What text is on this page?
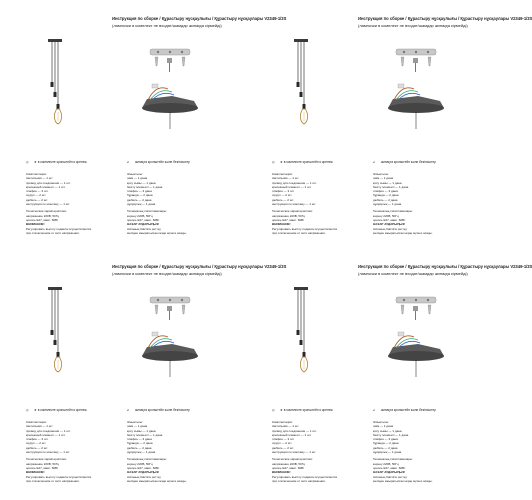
Инструкция по сборке / Құрастыру нұсқаулығы / Құрастыру нұсқаулары V2349-1/3S
(лампочки в комплект не входят/шамдар жинаққа кірмейді)
◎ ★ в комплекте кронштейн и крепеж	⌀ жинақта кронштейн және бекіткіштер
Комплектация:
светильник — 1 шт.
провод для соединения — 1 шт.
крепежный элемент — 1 шт.
плафон — 3 шт.
шуруп — 2 шт.
дюбель — 2 шт.
инструкция по монтажу — 1 шт.
Технические характеристики:
напряжение 220В, 50Гц
цоколь E27, макс. 60Вт
ВНИМАНИЕ!
Регулировать высоту подвеса осуществляется
при отключенном от сети напряжения.
Жиынтығы:
шам — 1 дана
қосу сымы — 1 дана
бекіту элементі — 1 дана
плафон — 3 дана
бұранда — 2 дана
дюбель — 2 дана
нұсқаулық — 1 дана
Техникалық сипаттамалары:
кернеу 220В, 50Гц
цоколь E27, макс. 60Вт
НАЗАР АУДАРЫҢЫЗ!
Аспаның биіктігін реттеу
желіден ажыратылған кезде жүзеге асады.
Инструкция по сборке / Құрастыру нұсқаулығы / Құрастыру нұсқаулары V2349-1/3S
(лампочки в комплект не входят/шамдар жинаққа кірмейді)
◎ ★ в комплекте кронштейн и крепеж	⌀ жинақта кронштейн және бекіткіштер
Комплектация:
светильник — 1 шт.
провод для соединения — 1 шт.
крепежный элемент — 1 шт.
плафон — 3 шт.
шуруп — 2 шт.
дюбель — 2 шт.
инструкция по монтажу — 1 шт.
Технические характеристики:
напряжение 220В, 50Гц
цоколь E27, макс. 60Вт
ВНИМАНИЕ!
Регулировать высоту подвеса осуществляется
при отключенном от сети напряжения.
Жиынтығы:
шам — 1 дана
қосу сымы — 1 дана
бекіту элементі — 1 дана
плафон — 3 дана
бұранда — 2 дана
дюбель — 2 дана
нұсқаулық — 1 дана
Техникалық сипаттамалары:
кернеу 220В, 50Гц
цоколь E27, макс. 60Вт
НАЗАР АУДАРЫҢЫЗ!
Аспаның биіктігін реттеу
желіден ажыратылған кезде жүзеге асады.
Инструкция по сборке / Құрастыру нұсқаулығы / Құрастыру нұсқаулары V2349-1/3S
(лампочки в комплект не входят/шамдар жинаққа кірмейді)
◎ ★ в комплекте кронштейн и крепеж	⌀ жинақта кронштейн және бекіткіштер
Комплектация:
светильник — 1 шт.
провод для соединения — 1 шт.
крепежный элемент — 1 шт.
плафон — 3 шт.
шуруп — 2 шт.
дюбель — 2 шт.
инструкция по монтажу — 1 шт.
Технические характеристики:
напряжение 220В, 50Гц
цоколь E27, макс. 60Вт
ВНИМАНИЕ!
Регулировать высоту подвеса осуществляется
при отключенном от сети напряжения.
Жиынтығы:
шам — 1 дана
қосу сымы — 1 дана
бекіту элементі — 1 дана
плафон — 3 дана
бұранда — 2 дана
дюбель — 2 дана
нұсқаулық — 1 дана
Техникалық сипаттамалары:
кернеу 220В, 50Гц
цоколь E27, макс. 60Вт
НАЗАР АУДАРЫҢЫЗ!
Аспаның биіктігін реттеу
желіден ажыратылған кезде жүзеге асады.
Инструкция по сборке / Құрастыру нұсқаулығы / Құрастыру нұсқаулары V2349-1/3S
(лампочки в комплект не входят/шамдар жинаққа кірмейді)
◎ ★ в комплекте кронштейн и крепеж	⌀ жинақта кронштейн және бекіткіштер
Комплектация:
светильник — 1 шт.
провод для соединения — 1 шт.
крепежный элемент — 1 шт.
плафон — 3 шт.
шуруп — 2 шт.
дюбель — 2 шт.
инструкция по монтажу — 1 шт.
Технические характеристики:
напряжение 220В, 50Гц
цоколь E27, макс. 60Вт
ВНИМАНИЕ!
Регулировать высоту подвеса осуществляется
при отключенном от сети напряжения.
Жиынтығы:
шам — 1 дана
қосу сымы — 1 дана
бекіту элементі — 1 дана
плафон — 3 дана
бұранда — 2 дана
дюбель — 2 дана
нұсқаулық — 1 дана
Техникалық сипаттамалары:
кернеу 220В, 50Гц
цоколь E27, макс. 60Вт
НАЗАР АУДАРЫҢЫЗ!
Аспаның биіктігін реттеу
желіден ажыратылған кезде жүзеге асады.
